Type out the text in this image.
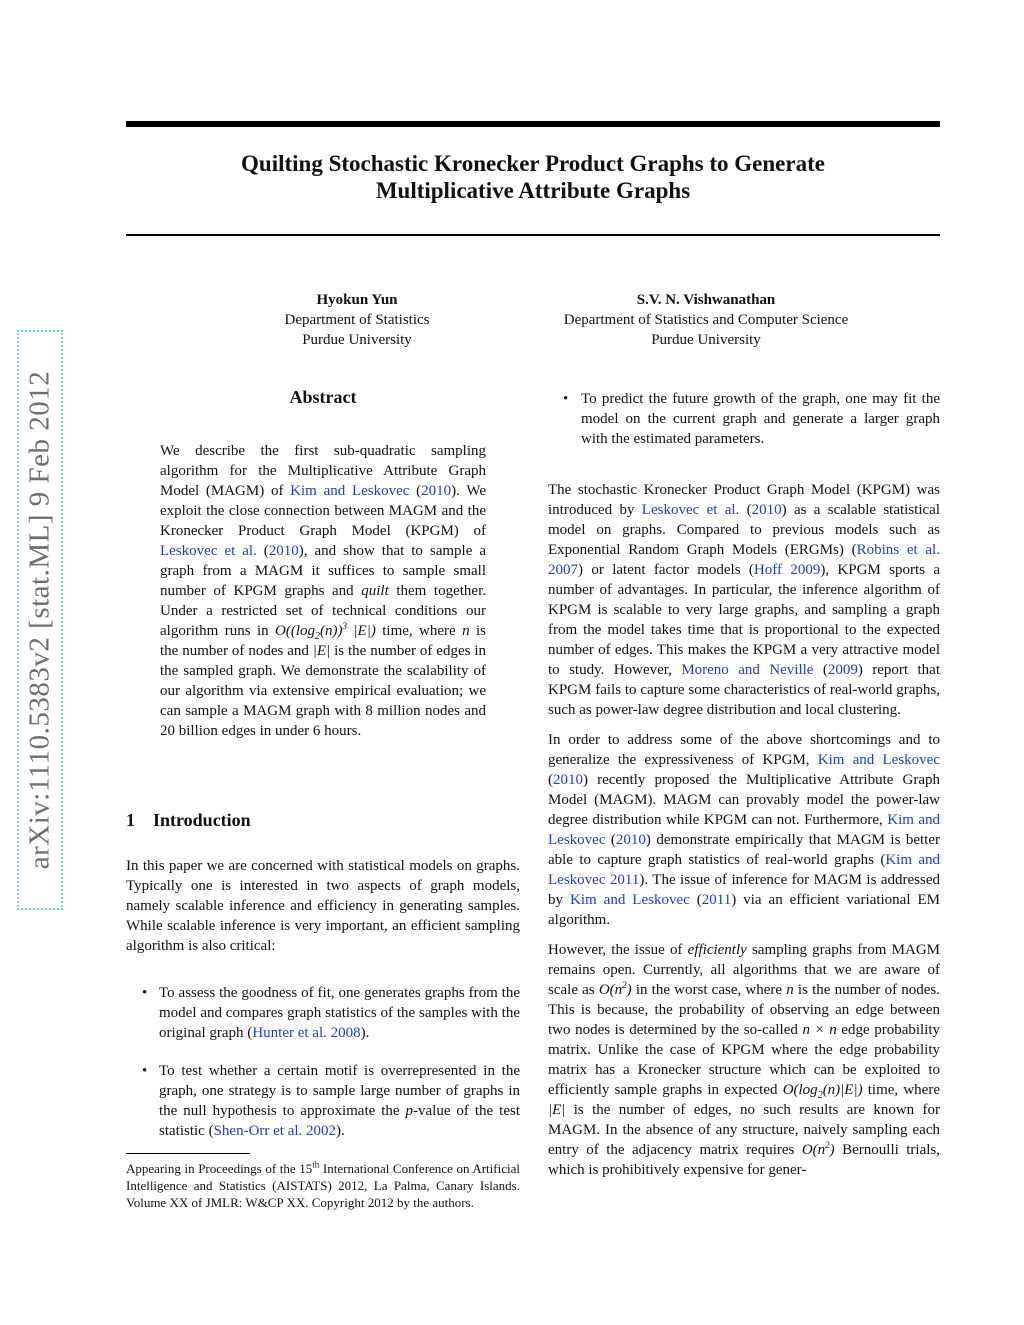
Quilting Stochastic Kronecker Product Graphs to Generate
Multiplicative Attribute Graphs
arXiv:1110.5383v2 [stat.ML] 9 Feb 2012
Hyokun Yun
Department of Statistics
Purdue University
S.V. N. Vishwanathan
Department of Statistics and Computer Science
Purdue University
Abstract

We describe the first sub-quadratic sampling algorithm for the Multiplicative Attribute Graph Model (MAGM) of Kim and Leskovec (2010). We exploit the close connection between MAGM and the Kronecker Product Graph Model (KPGM) of Leskovec et al. (2010), and show that to sample a graph from a MAGM it suffices to sample small number of KPGM graphs and quilt them together. Under a restricted set of technical conditions our algorithm runs in $O((\log_2(n))^3$ |E|) time, where n is the number of nodes and |E| is the number of edges in the sampled graph. We demonstrate the scalability of our algorithm via extensive empirical evaluation; we can sample a MAGM graph with 8 million nodes and 20 billion edges in under 6 hours.

1 Introduction

In this paper we are concerned with statistical models on graphs. Typically one is interested in two aspects of graph models, namely scalable inference and efficiency in generating samples. While scalable inference is very important, an efficient sampling algorithm is also critical:

• To assess the goodness of fit, one generates graphs from the model and compares graph statistics of the samples with the original graph (Hunter et al. 2008).
• To test whether a certain motif is overrepresented in the graph, one strategy is to sample large number of graphs in the null hypothesis to approximate the p-value of the test statistic (Shen-Orr et al. 2002).
Appearing in Proceedings of the 15th International Conference on Artificial Intelligence and Statistics (AISTATS) 2012, La Palma, Canary Islands. Volume XX of JMLR: W&CP XX. Copyright 2012 by the authors.
• To predict the future growth of the graph, one may fit the model on the current graph and generate a larger graph with the estimated parameters.

The stochastic Kronecker Product Graph Model (KPGM) was introduced by Leskovec et al. (2010) as a scalable statistical model on graphs. Compared to previous models such as Exponential Random Graph Models (ERGMs) (Robins et al. 2007) or latent factor models (Hoff 2009), KPGM sports a number of advantages. In particular, the inference algorithm of KPGM is scalable to very large graphs, and sampling a graph from the model takes time that is proportional to the expected number of edges. This makes the KPGM a very attractive model to study. However, Moreno and Neville (2009) report that KPGM fails to capture some characteristics of real-world graphs, such as power-law degree distribution and local clustering.

In order to address some of the above shortcomings and to generalize the expressiveness of KPGM, Kim and Leskovec (2010) recently proposed the Multiplicative Attribute Graph Model (MAGM). MAGM can provably model the power-law degree distribution while KPGM can not. Furthermore, Kim and Leskovec (2010) demonstrate empirically that MAGM is better able to capture graph statistics of real-world graphs (Kim and Leskovec 2011). The issue of inference for MAGM is addressed by Kim and Leskovec (2011) via an efficient variational EM algorithm.

However, the issue of efficiently sampling graphs from MAGM remains open. Currently, all algorithms that we are aware of scale as $O(n^2)$ in the worst case, where n is the number of nodes. This is because, the probability of observing an edge between two nodes is determined by the so-called n × n edge probability matrix. Unlike the case of KPGM where the edge probability matrix has a Kronecker structure which can be exploited to efficiently sample graphs in expected $O(\log_2(n)|E|)$ time, where |E| is the number of edges, no such results are known for MAGM. In the absence of any structure, naively sampling each entry of the adjacency matrix requires $O(n^2)$ Bernoulli trials, which is prohibitively expensive for gener-
